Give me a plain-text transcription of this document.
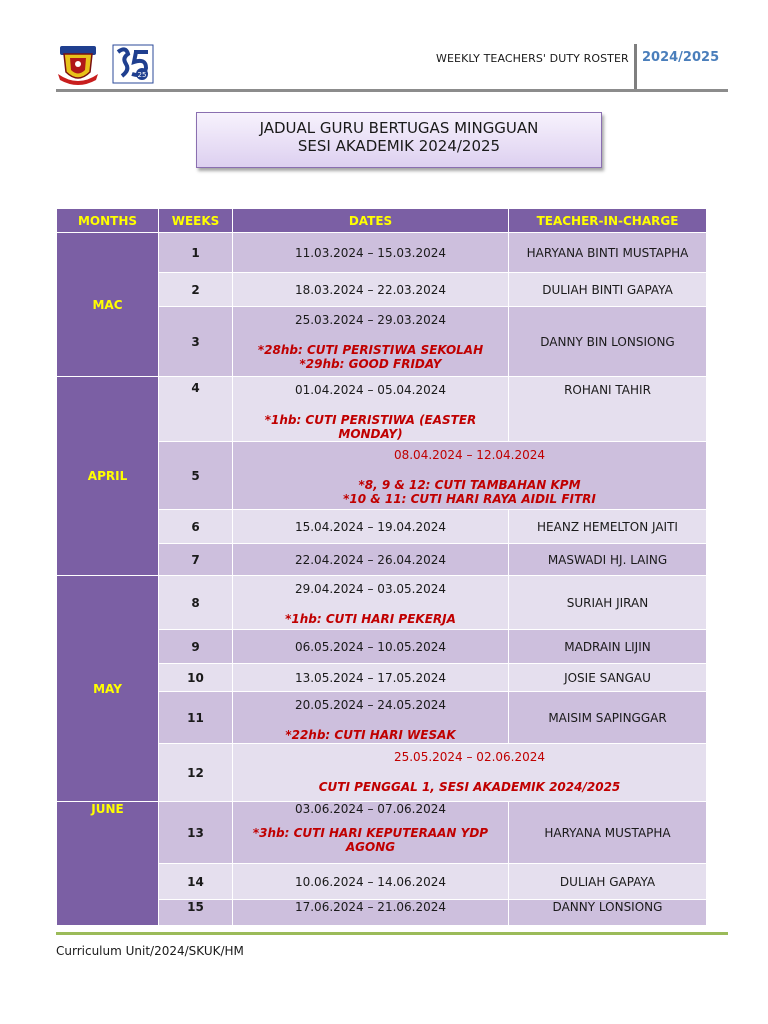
25
WEEKLY TEACHERS' DUTY ROSTER 2024/2025
JADUAL GURU BERTUGAS MINGGUAN
SESI AKADEMIK 2024/2025
MONTHS	WEEKS	DATES	TEACHER-IN-CHARGE
MAC	1	11.03.2024 – 15.03.2024	HARYANA BINTI MUSTAPHA
	2	18.03.2024 – 22.03.2024	DULIAH BINTI GAPAYA
	3	25.03.2024 – 29.03.2024
*28hb: CUTI PERISTIWA SEKOLAH
*29hb: GOOD FRIDAY	DANNY BIN LONSIONG
APRIL	4	01.04.2024 – 05.04.2024
*1hb: CUTI PERISTIWA (EASTER MONDAY)	ROHANI TAHIR
	5	08.04.2024 – 12.04.2024
*8, 9 & 12: CUTI TAMBAHAN KPM
*10 & 11: CUTI HARI RAYA AIDIL FITRI	

	6	15.04.2024 – 19.04.2024	HEANZ HEMELTON JAITI
	7	22.04.2024 – 26.04.2024	MASWADI HJ. LAING
MAY	8	29.04.2024 – 03.05.2024
*1hb: CUTI HARI PEKERJA	SURIAH JIRAN
	9	06.05.2024 – 10.05.2024	MADRAIN LIJIN
	10	13.05.2024 – 17.05.2024	JOSIE SANGAU
	11	20.05.2024 – 24.05.2024
*22hb: CUTI HARI WESAK	MAISIM SAPINGGAR
	12	25.05.2024 – 02.06.2024
CUTI PENGGAL 1, SESI AKADEMIK 2024/2025	

JUNE	13	03.06.2024 – 07.06.2024
*3hb: CUTI HARI KEPUTERAAN YDP AGONG	HARYANA MUSTAPHA
	14	10.06.2024 – 14.06.2024	DULIAH GAPAYA
	15	17.06.2024 – 21.06.2024	DANNY LONSIONG
Curriculum Unit/2024/SKUK/HM
